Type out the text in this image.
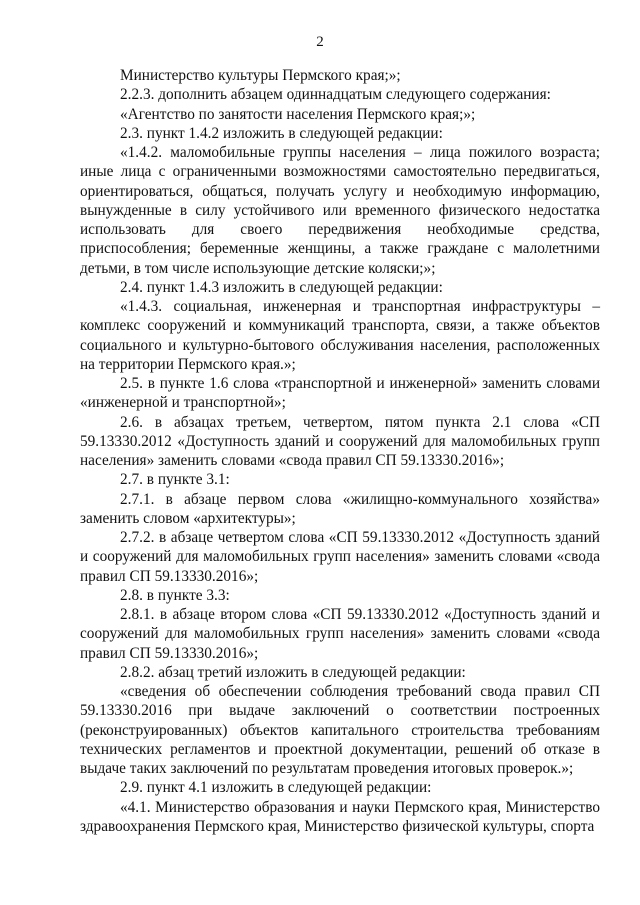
2

Министерство культуры Пермского края;»;

2.2.3. дополнить абзацем одиннадцатым следующего содержания:

«Агентство по занятости населения Пермского края;»;

2.3. пункт 1.4.2 изложить в следующей редакции:

«1.4.2. маломобильные группы населения – лица пожилого возраста; иные лица с ограниченными возможностями самостоятельно передвигаться, ориентироваться, общаться, получать услугу и необходимую информацию, вынужденные в силу устойчивого или временного физического недостатка использовать для своего передвижения необходимые средства, приспособления; беременные женщины, а также граждане с малолетними детьми, в том числе использующие детские коляски;»;

2.4. пункт 1.4.3 изложить в следующей редакции:

«1.4.3. социальная, инженерная и транспортная инфраструктуры – комплекс сооружений и коммуникаций транспорта, связи, а также объектов социального и культурно-бытового обслуживания населения, расположенных на территории Пермского края.»;

2.5. в пункте 1.6 слова «транспортной и инженерной» заменить словами «инженерной и транспортной»;

2.6. в абзацах третьем, четвертом, пятом пункта 2.1 слова «СП 59.13330.2012 «Доступность зданий и сооружений для маломобильных групп населения» заменить словами «свода правил СП 59.13330.2016»;

2.7. в пункте 3.1:

2.7.1. в абзаце первом слова «жилищно-коммунального хозяйства» заменить словом «архитектуры»;

2.7.2. в абзаце четвертом слова «СП 59.13330.2012 «Доступность зданий и сооружений для маломобильных групп населения» заменить словами «свода правил СП 59.13330.2016»;

2.8. в пункте 3.3:

2.8.1. в абзаце втором слова «СП 59.13330.2012 «Доступность зданий и сооружений для маломобильных групп населения» заменить словами «свода правил СП 59.13330.2016»;

2.8.2. абзац третий изложить в следующей редакции:

«сведения об обеспечении соблюдения требований свода правил СП 59.13330.2016 при выдаче заключений о соответствии построенных (реконструированных) объектов капитального строительства требованиям технических регламентов и проектной документации, решений об отказе в выдаче таких заключений по результатам проведения итоговых проверок.»;

2.9. пункт 4.1 изложить в следующей редакции:

«4.1. Министерство образования и науки Пермского края, Министерство здравоохранения Пермского края, Министерство физической культуры, спорта
